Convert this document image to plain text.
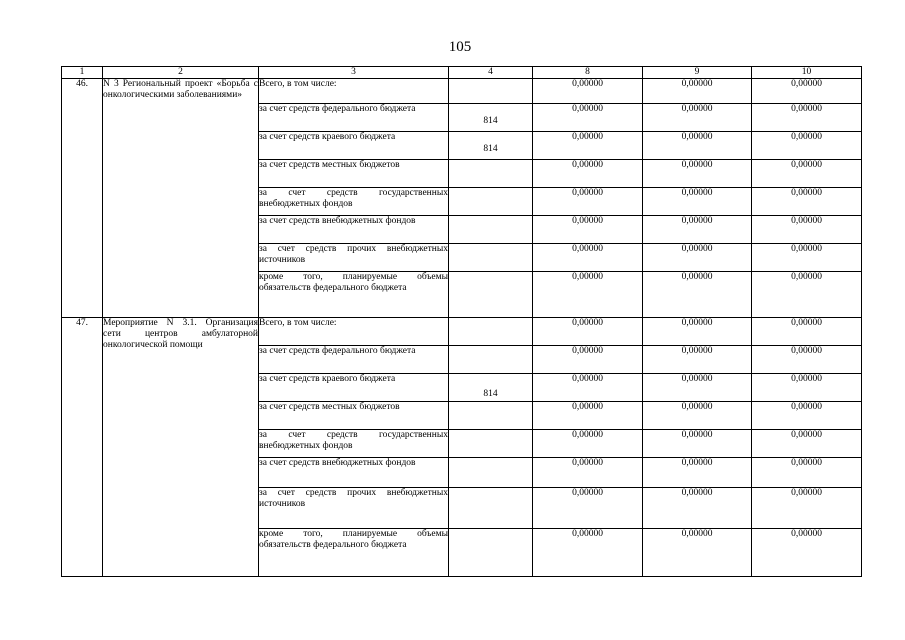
105
1	2	3	4	8	9	10
46.	N 3 Региональный проект «Борьба с онкологическими заболеваниями»	Всего, в том числе:		0,00000	0,00000	0,00000
		за счет средств федерального бюджета	814	0,00000	0,00000	0,00000
		за счет средств краевого бюджета	814	0,00000	0,00000	0,00000
		за счет средств местных бюджетов		0,00000	0,00000	0,00000
		за счет средств государственных внебюджетных фондов		0,00000	0,00000	0,00000
		за счет средств внебюджетных фондов		0,00000	0,00000	0,00000
		за счет средств прочих внебюджетных источников		0,00000	0,00000	0,00000
		кроме того, планируемые объемы обязательств федерального бюджета		0,00000	0,00000	0,00000
47.	Мероприятие N 3.1. Организация сети центров амбулаторной онкологической помощи	Всего, в том числе:		0,00000	0,00000	0,00000
		за счет средств федерального бюджета		0,00000	0,00000	0,00000
		за счет средств краевого бюджета	814	0,00000	0,00000	0,00000
		за счет средств местных бюджетов		0,00000	0,00000	0,00000
		за счет средств государственных внебюджетных фондов		0,00000	0,00000	0,00000
		за счет средств внебюджетных фондов		0,00000	0,00000	0,00000
		за счет средств прочих внебюджетных источников		0,00000	0,00000	0,00000
		кроме того, планируемые объемы обязательств федерального бюджета		0,00000	0,00000	0,00000
